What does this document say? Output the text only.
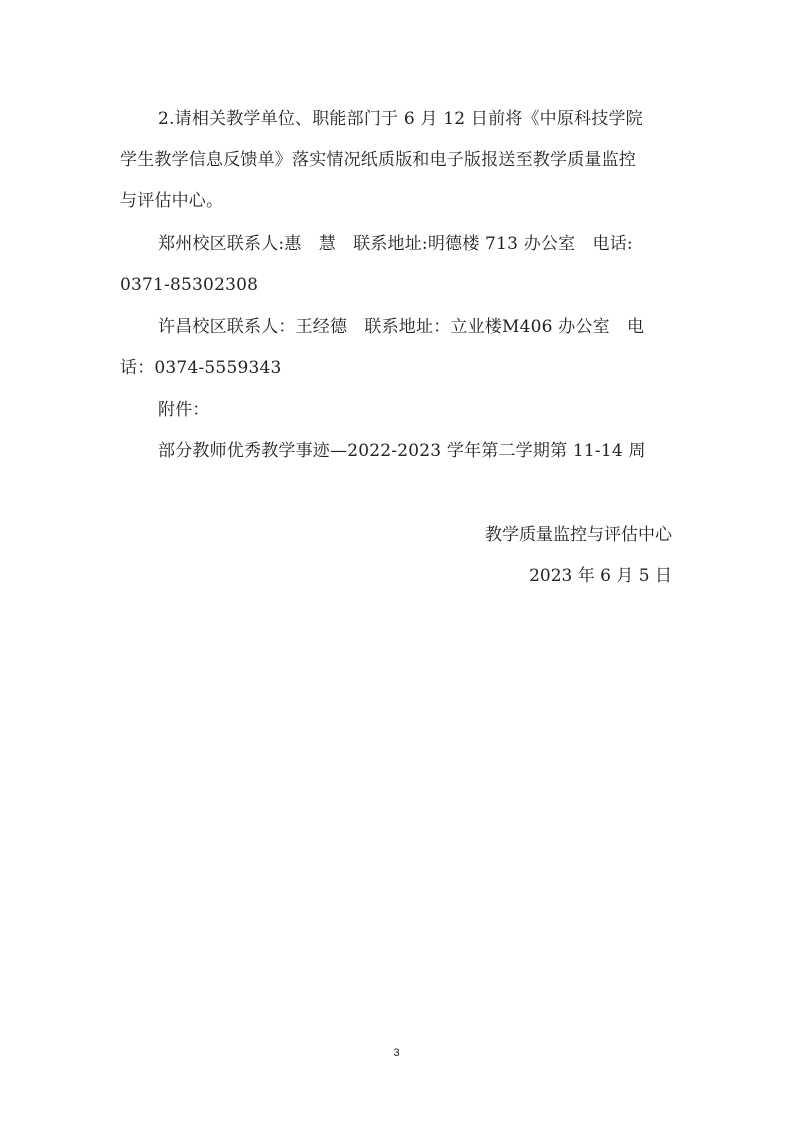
2.请相关教学单位、职能部门于 6 月 12 日前将《中原科技学院
学生教学信息反馈单》落实情况纸质版和电子版报送至教学质量监控
与评估中心。
郑州校区联系人:惠　慧　联系地址:明德楼 713 办公室　电话:
0371-85302308
许昌校区联系人：王经德　联系地址：立业楼M406 办公室　电
话：0374-5559343
附件：
部分教师优秀教学事迹—2022-2023 学年第二学期第 11-14 周
教学质量监控与评估中心
2023 年 6 月 5 日
3
